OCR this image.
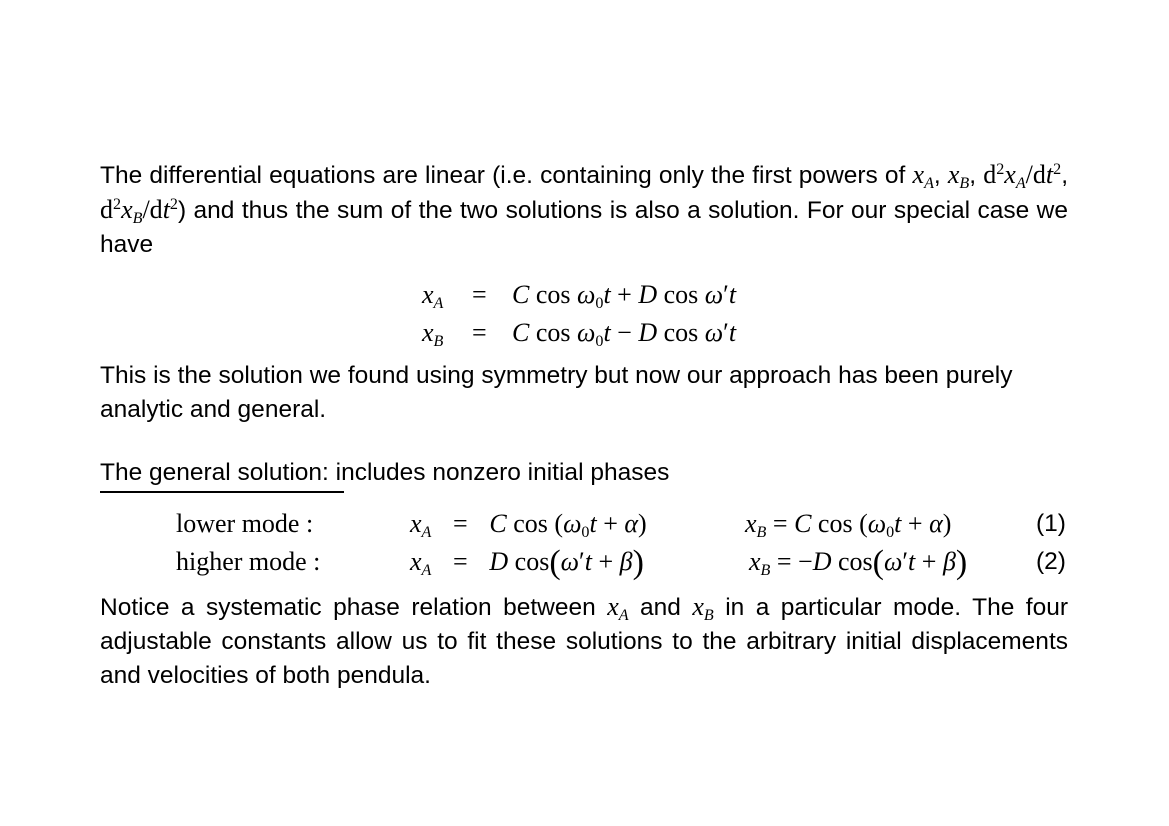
The differential equations are linear (i.e. containing only the first powers of $x_A$, $x_B$, $d^2x_A/dt^2$, $d^2x_B/dt^2$) and thus the sum of the two solutions is also a solution. For our special case we have
$x_A = C$ $\cos \omega_0t + D$ cos ω′t
$x_B = C$ $\cos \omega_0t - D$ cos ω′t
This is the solution we found using symmetry but now our approach has been purely analytic and general.
The general solution: includes nonzero initial phases
lower mode :	$x_A = C$ $\cos (\omega_0t + \alpha)$	$x_B = C$ $\cos (\omega_0t + \alpha)$	(1)
higher mode :	$x_A = D$ cos(ω′t + β)	$x_B = -D$ cos(ω′t + β)	(2)
Notice a systematic phase relation between $x_A$ and $x_B$ in a particular mode. The four adjustable constants allow us to fit these solutions to the arbitrary initial displacements and velocities of both pendula.
